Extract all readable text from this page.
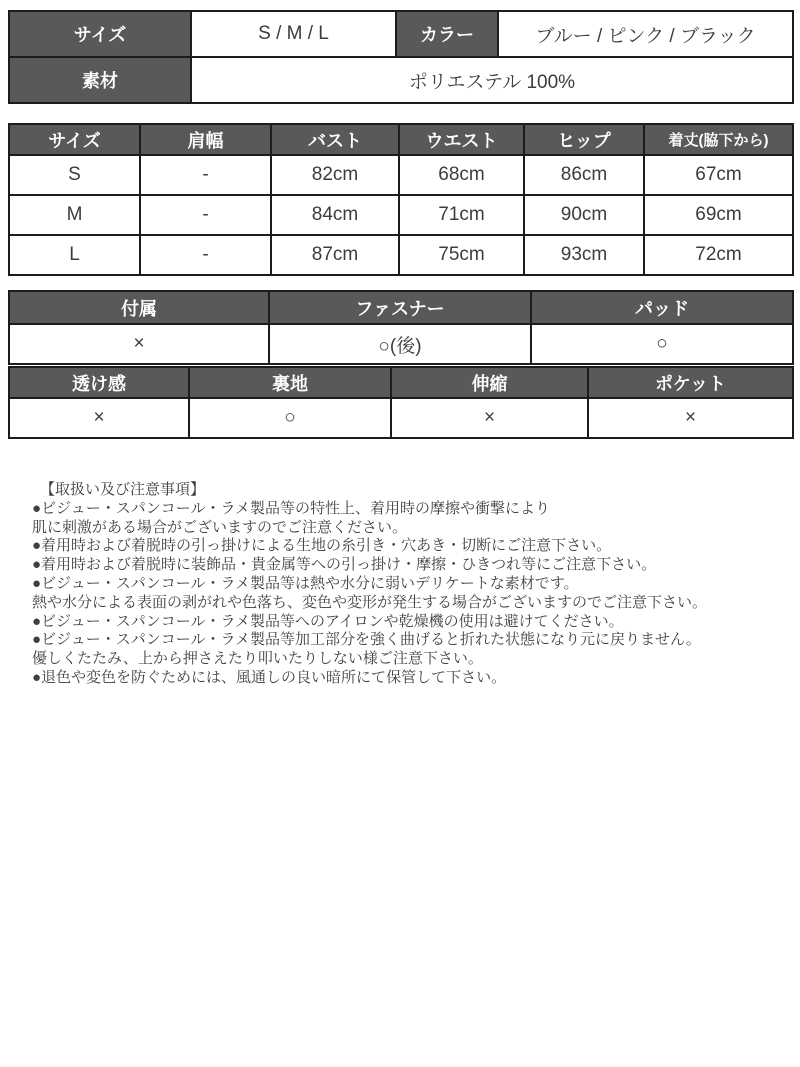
サイズ	S / M / L	カラー	ブルー / ピンク / ブラック
素材	ポリエステル 100%		
サイズ	肩幅	バスト	ウエスト	ヒップ	着丈(脇下から)
S	-	82cm	68cm	86cm	67cm
M	-	84cm	71cm	90cm	69cm
L	-	87cm	75cm	93cm	72cm
付属	ファスナー	パッド
×	○(後)	○
透け感	裏地	伸縮	ポケット
×	○	×	×
【取扱い及び注意事項】
●ビジュー・スパンコール・ラメ製品等の特性上、着用時の摩擦や衝撃により
肌に刺激がある場合がございますのでご注意ください。
●着用時および着脱時の引っ掛けによる生地の糸引き・穴あき・切断にご注意下さい。
●着用時および着脱時に装飾品・貴金属等への引っ掛け・摩擦・ひきつれ等にご注意下さい。
●ビジュー・スパンコール・ラメ製品等は熱や水分に弱いデリケートな素材です。
熱や水分による表面の剥がれや色落ち、変色や変形が発生する場合がございますのでご注意下さい。
●ビジュー・スパンコール・ラメ製品等へのアイロンや乾燥機の使用は避けてください。
●ビジュー・スパンコール・ラメ製品等加工部分を強く曲げると折れた状態になり元に戻りません。
優しくたたみ、上から押さえたり叩いたりしない様ご注意下さい。
●退色や変色を防ぐためには、風通しの良い暗所にて保管して下さい。
